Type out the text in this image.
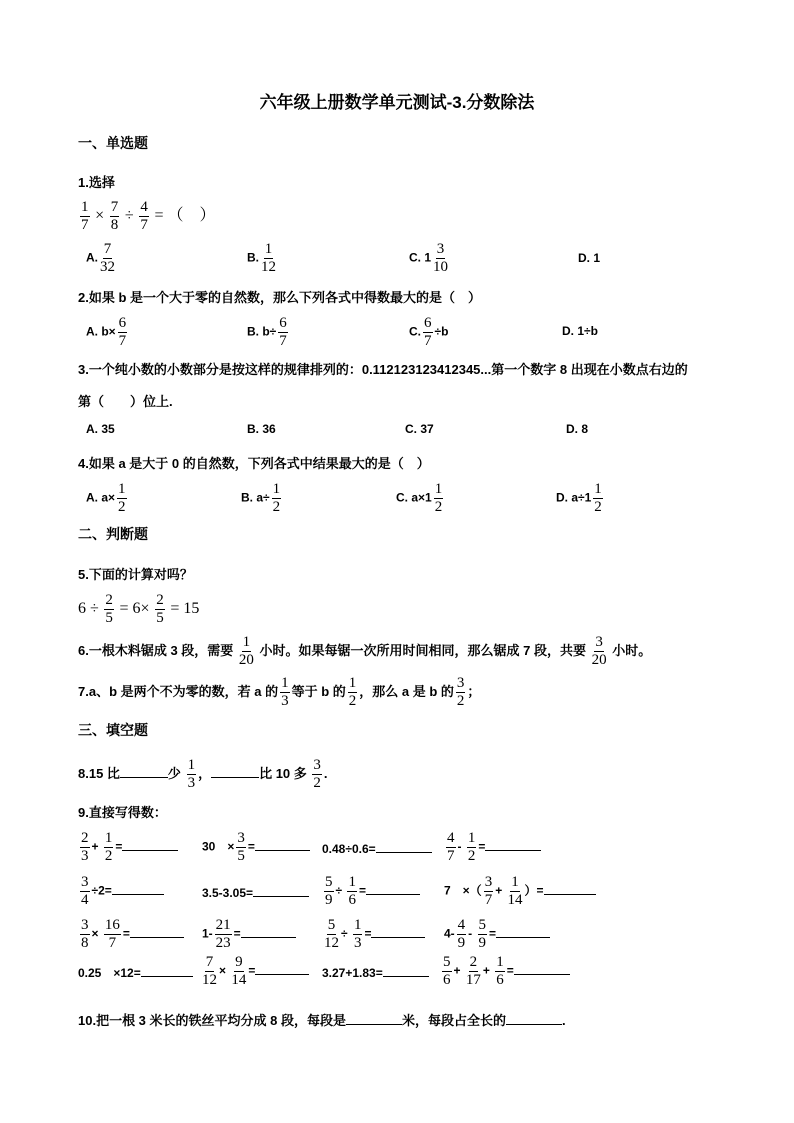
六年级上册数学单元测试-3.分数除法
一、单选题
1.选择
$\frac{1}{7} \times \frac{7}{8} \div \frac{4}{7}$ = （　）
A. $\frac{7}{32}$	B. $\frac{1}{12}$	C. $1 \frac{3}{10}$	D. 1
2.如果 b 是一个大于零的自然数，那么下列各式中得数最大的是（　）
A. $b\times \frac{6}{7}$	B. $b\div \frac{6}{7}$	C. $\frac{6}{7} \div b$	D. 1÷b
3.一个纯小数的小数部分是按这样的规律排列的：0.112123123412345...第一个数字 8 出现在小数点右边的
第（　　）位上.
A. 35	B. 36	C. 37	D. 8
4.如果 a 是大于 0 的自然数，下列各式中结果最大的是（　）
A. $a\times \frac{1}{2}$	B. $a\div \frac{1}{2}$	C. $a\times 1 \frac{1}{2}$	D. $a\div 1 \frac{1}{2}$
二、判断题
5.下面的计算对吗？
$6 \div \frac{2}{5} = 6\times \frac{2}{5} = 15$
6.一根木料锯成 3 段，需要 $\frac{1}{20}$ 小时。如果每锯一次所用时间相同，那么锯成 7 段，共要 $\frac{3}{20}$ 小时。
7.a、b 是两个不为零的数，若 a 的 $\frac{1}{3}$ 等于 b 的 $\frac{1}{2}$ ，那么 a 是 b 的 $\frac{3}{2}$ ；
三、填空题
8.15 比	少 $\frac{1}{3}$ ，	比 10 多 $\frac{3}{2}$ .
9.直接写得数：
$\frac{2}{3} + \frac{1}{2}$ =	30　× $\frac{3}{5}$ =	0.48÷0.6=	$\frac{4}{7} - \frac{1}{2}$ =
$\frac{3}{4} \div 2=$	3.5-3.05=	$\frac{5}{9} \div \frac{1}{6}$ =	7　×（ $\frac{3}{7} + \frac{1}{14}$ ）=
$\frac{3}{8} \times \frac{16}{7}$ =	$1- \frac{21}{23}$ =	$\frac{5}{12} \div \frac{1}{3}$ =	$4- \frac{4}{9} - \frac{5}{9}$ =
0.25　×12=	$\frac{7}{12} \times \frac{9}{14}$ =	3.27+1.83=	$\frac{5}{6} + \frac{2}{17} + \frac{1}{6}$ =
10.把一根 3 米长的铁丝平均分成 8 段，每段是	米，每段占全长的	.
